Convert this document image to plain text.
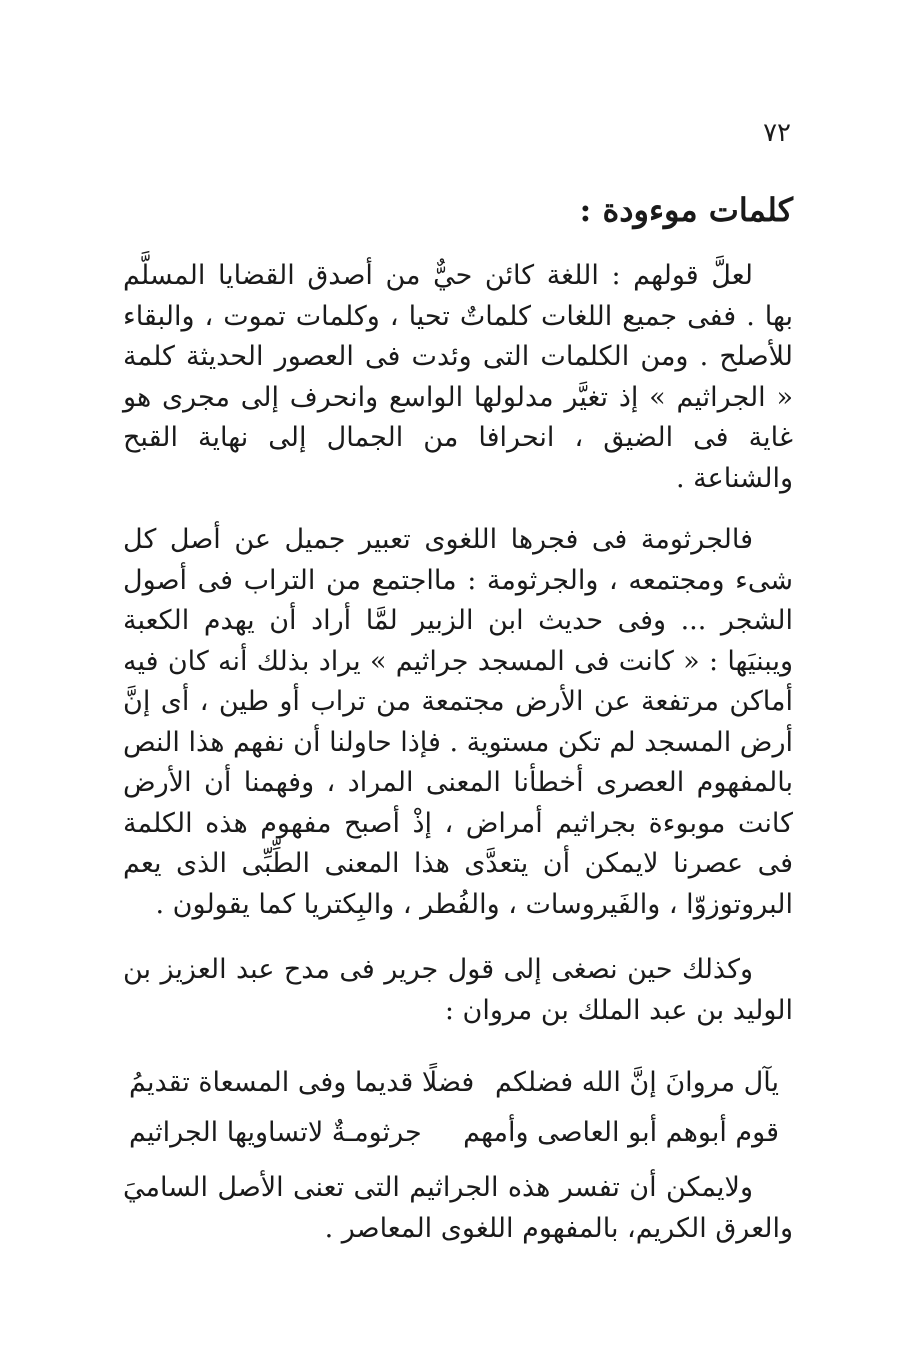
٧٢
كلمات موءودة :

لعلَّ قولهم : اللغة كائن حيٌّ من أصدق القضايا المسلَّم بها . ففى جميع اللغات كلماتٌ تحيا ، وكلمات تموت ، والبقاء للأصلح . ومن الكلمات التى وئدت فى العصور الحديثة كلمة « الجراثيم » إذ تغيَّر مدلولها الواسع وانحرف إلى مجرى هو غاية فى الضيق ، انحرافا من الجمال إلى نهاية القبح والشناعة .

فالجرثومة فى فجرها اللغوى تعبير جميل عن أصل كل شىء ومجتمعه ، والجرثومة : مااجتمع من التراب فى أصول الشجر ... وفى حديث ابن الزبير لمَّا أراد أن يهدم الكعبة ويبنيَها : « كانت فى المسجد جراثيم » يراد بذلك أنه كان فيه أماكن مرتفعة عن الأرض مجتمعة من تراب أو طين ، أى إنَّ أرض المسجد لم تكن مستوية . فإذا حاولنا أن نفهم هذا النص بالمفهوم العصرى أخطأنا المعنى المراد ، وفهمنا أن الأرض كانت موبوءة بجراثيم أمراض ، إذْ أصبح مفهوم هذه الكلمة فى عصرنا لايمكن أن يتعدَّى هذا المعنى الطِّبِّى الذى يعم البروتوزوّا ، والفَيروسات ، والفُطر ، والبِكتريا كما يقولون .

وكذلك حين نصغى إلى قول جرير فى مدح عبد العزيز بن الوليد بن عبد الملك بن مروان :

يآل مروانَ إنَّ الله فضلكم
فضلًا قديما وفى المسعاة تقديمُ
قوم أبوهم أبو العاصى وأمهم
جرثومـةٌ لاتساويها الجراثيم

ولايمكن أن تفسر هذه الجراثيم التى تعنى الأصل الساميَ والعرق الكريم، بالمفهوم اللغوى المعاصر .
